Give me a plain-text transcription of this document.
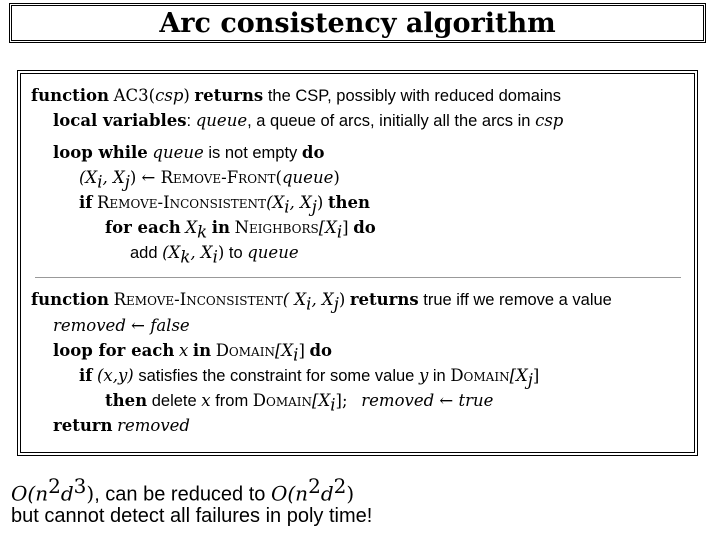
Arc consistency algorithm
function AC3(csp) returns the CSP, possibly with reduced domains
local variables: queue, a queue of arcs, initially all the arcs in csp
loop while queue is not empty do
($X_i$, $X_j$) ← Remove-Front(queue)
if Remove-$Inconsistent(X_i$, $X_j$) then
for each $X_k$ in $Neighbors[X_i]$ do
add ($X_k$, $X_i$) to queue
function Remove-Inconsistent( $X_i$, $X_j$) returns true iff we remove a value
removed ← false
loop for each x in $Domain[X_i]$ do
if (x,y) satisfies the constraint for some value y in $Domain[X_j]$
then delete x from $Domain[X_i]$; removed ← true
return removed
$O(n^2d^3)$, can be reduced to $O(n^2d^2)$
but cannot detect all failures in poly time!
